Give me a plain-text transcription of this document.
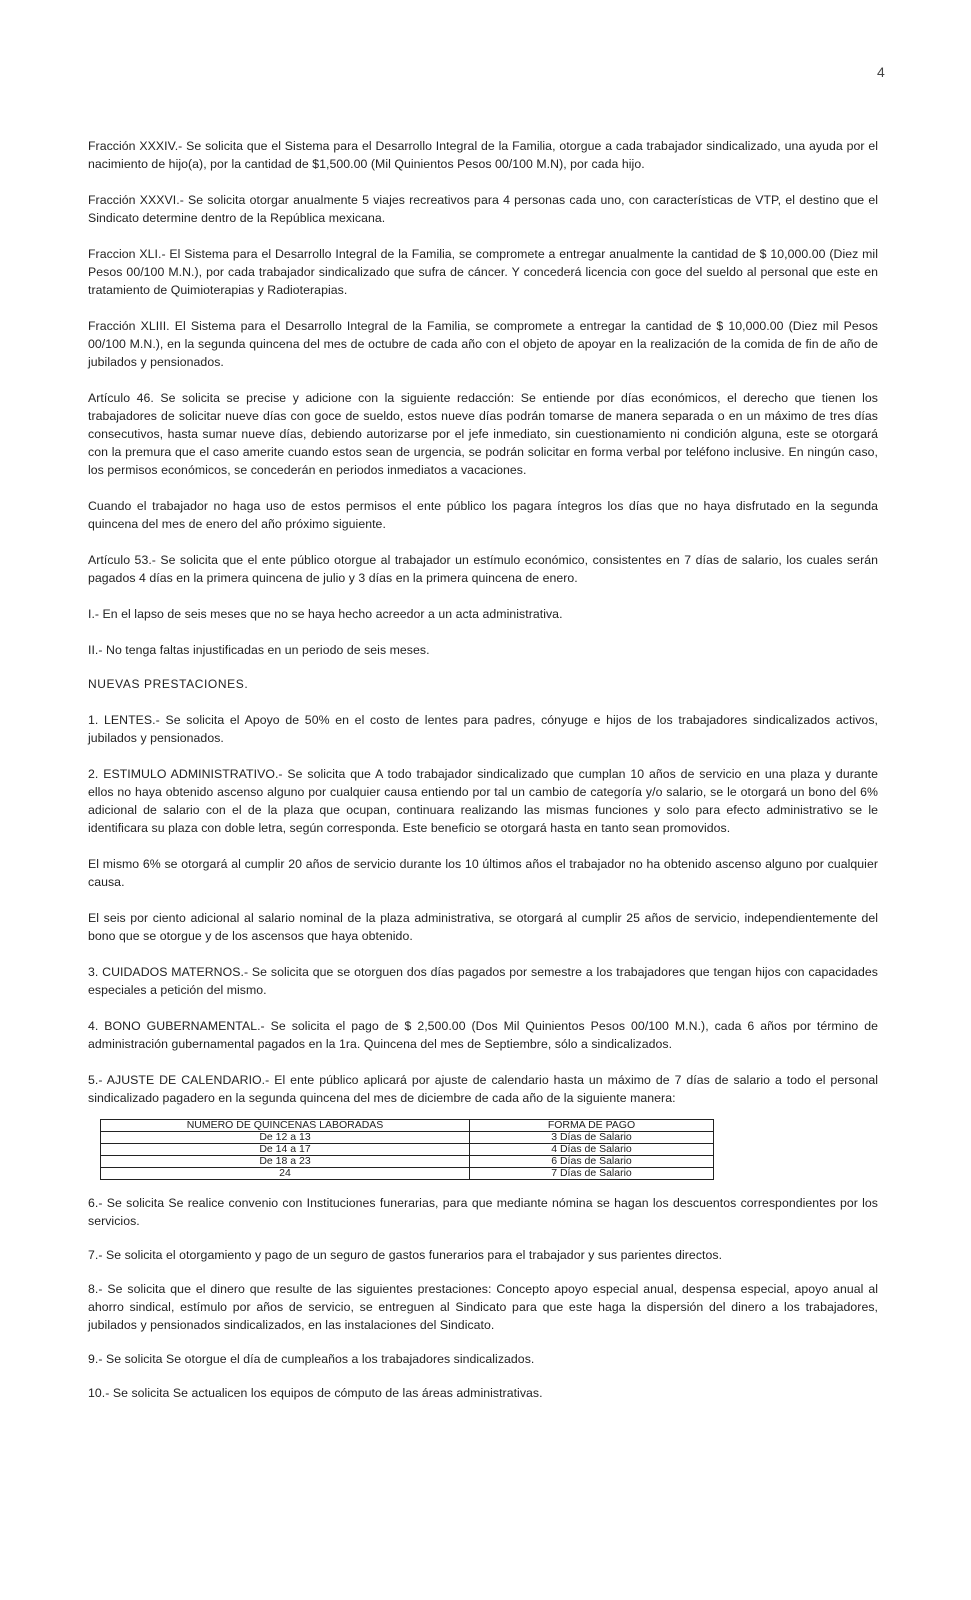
4

Fracción XXXIV.- Se solicita que el Sistema para el Desarrollo Integral de la Familia, otorgue a cada trabajador sindicalizado, una ayuda por el nacimiento de hijo(a), por la cantidad de $1,500.00 (Mil Quinientos Pesos 00/100 M.N), por cada hijo.

Fracción XXXVI.- Se solicita otorgar anualmente 5 viajes recreativos para 4 personas cada uno, con características de VTP, el destino que el Sindicato determine dentro de la República mexicana.

Fraccion XLI.- El Sistema para el Desarrollo Integral de la Familia, se compromete a entregar anualmente la cantidad de $ 10,000.00 (Diez mil Pesos 00/100 M.N.), por cada trabajador sindicalizado que sufra de cáncer. Y concederá licencia con goce del sueldo al personal que este en tratamiento de Quimioterapias y Radioterapias.

Fracción XLIII. El Sistema para el Desarrollo Integral de la Familia, se compromete a entregar la cantidad de $ 10,000.00 (Diez mil Pesos 00/100 M.N.), en la segunda quincena del mes de octubre de cada año con el objeto de apoyar en la realización de la comida de fin de año de jubilados y pensionados.

Artículo 46. Se solicita se precise y adicione con la siguiente redacción: Se entiende por días económicos, el derecho que tienen los trabajadores de solicitar nueve días con goce de sueldo, estos nueve días podrán tomarse de manera separada o en un máximo de tres días consecutivos, hasta sumar nueve días, debiendo autorizarse por el jefe inmediato, sin cuestionamiento ni condición alguna, este se otorgará con la premura que el caso amerite cuando estos sean de urgencia, se podrán solicitar en forma verbal por teléfono inclusive. En ningún caso, los permisos económicos, se concederán en periodos inmediatos a vacaciones.

Cuando el trabajador no haga uso de estos permisos el ente público los pagara íntegros los días que no haya disfrutado en la segunda quincena del mes de enero del año próximo siguiente.

Artículo 53.- Se solicita que el ente público otorgue al trabajador un estímulo económico, consistentes en 7 días de salario, los cuales serán pagados 4 días en la primera quincena de julio y 3 días en la primera quincena de enero.

I.- En el lapso de seis meses que no se haya hecho acreedor a un acta administrativa.

II.- No tenga faltas injustificadas en un periodo de seis meses.

NUEVAS PRESTACIONES.

1. LENTES.- Se solicita el Apoyo de 50% en el costo de lentes para padres, cónyuge e hijos de los trabajadores sindicalizados activos, jubilados y pensionados.

2. ESTIMULO ADMINISTRATIVO.- Se solicita que A todo trabajador sindicalizado que cumplan 10 años de servicio en una plaza y durante ellos no haya obtenido ascenso alguno por cualquier causa entiendo por tal un cambio de categoría y/o salario, se le otorgará un bono del 6% adicional de salario con el de la plaza que ocupan, continuara realizando las mismas funciones y solo para efecto administrativo se le identificara su plaza con doble letra, según corresponda. Este beneficio se otorgará hasta en tanto sean promovidos.

El mismo 6% se otorgará al cumplir 20 años de servicio durante los 10 últimos años el trabajador no ha obtenido ascenso alguno por cualquier causa.

El seis por ciento adicional al salario nominal de la plaza administrativa, se otorgará al cumplir 25 años de servicio, independientemente del bono que se otorgue y de los ascensos que haya obtenido.

3. CUIDADOS MATERNOS.- Se solicita que se otorguen dos días pagados por semestre a los trabajadores que tengan hijos con capacidades especiales a petición del mismo.

4. BONO GUBERNAMENTAL.- Se solicita el pago de $ 2,500.00 (Dos Mil Quinientos Pesos 00/100 M.N.), cada 6 años por término de administración gubernamental pagados en la 1ra. Quincena del mes de Septiembre, sólo a sindicalizados.

5.- AJUSTE DE CALENDARIO.- El ente público aplicará por ajuste de calendario hasta un máximo de 7 días de salario a todo el personal sindicalizado pagadero en la segunda quincena del mes de diciembre de cada año de la siguiente manera:

NUMERO DE QUINCENAS LABORADAS	FORMA DE PAGO
De 12 a 13	3 Días de Salario
De 14 a 17	4 Días de Salario
De 18 a 23	6 Días de Salario
24	7 Días de Salario

6.- Se solicita Se realice convenio con Instituciones funerarias, para que mediante nómina se hagan los descuentos correspondientes por los servicios.

7.- Se solicita el otorgamiento y pago de un seguro de gastos funerarios para el trabajador y sus parientes directos.

8.- Se solicita que el dinero que resulte de las siguientes prestaciones: Concepto apoyo especial anual, despensa especial, apoyo anual al ahorro sindical, estímulo por años de servicio, se entreguen al Sindicato para que este haga la dispersión del dinero a los trabajadores, jubilados y pensionados sindicalizados, en las instalaciones del Sindicato.

9.- Se solicita Se otorgue el día de cumpleaños a los trabajadores sindicalizados.

10.- Se solicita Se actualicen los equipos de cómputo de las áreas administrativas.
